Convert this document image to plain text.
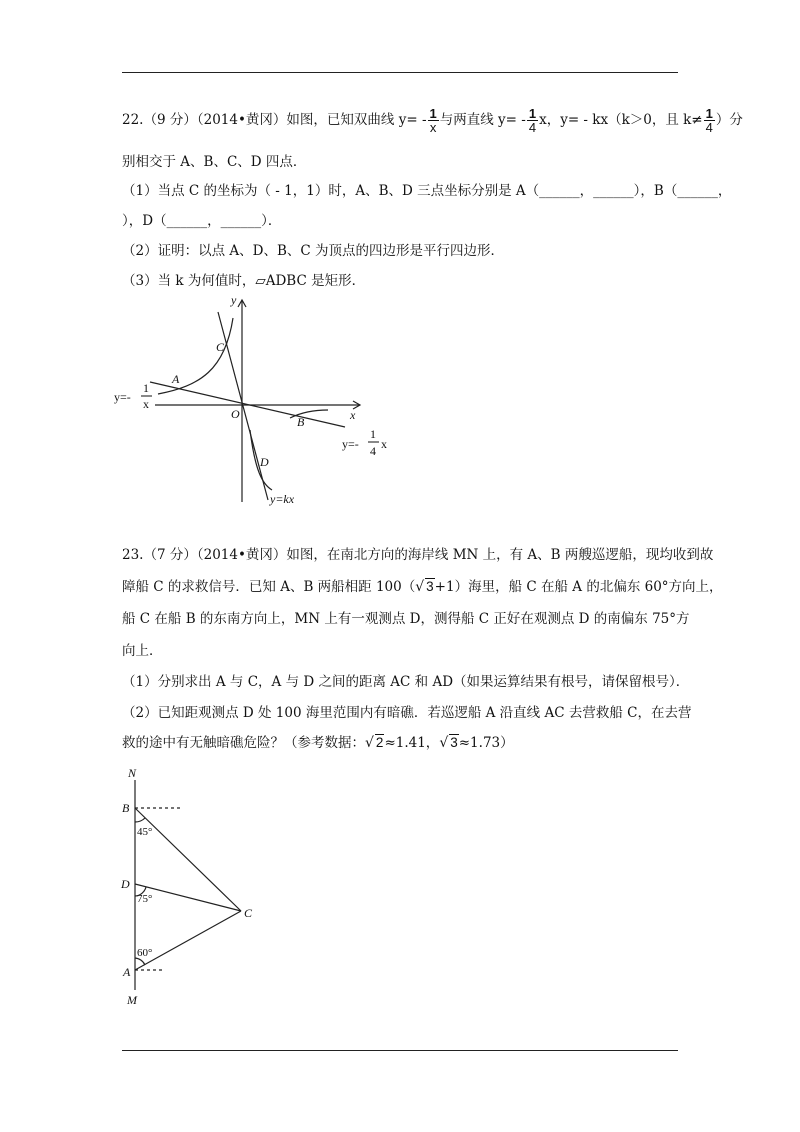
22.（9 分）（2014•黄冈）如图，已知双曲线 $y= - \frac{1}{x}$ 与两直线 $y= - \frac{1}{4}$ x，y= - kx（k＞0，且 $k\ne \frac{1}{4}$ ）分
别相交于 A、B、C、D 四点．
（1）当点 C 的坐标为（ - 1，1）时，A、B、D 三点坐标分别是 A（______，______），B（______，
），D（______，______）．
（2）证明：以点 A、D、B、C 为顶点的四边形是平行四边形．
（3）当 k 为何值时，▱ADBC 是矩形．
y
x
O
C
A
B
D
y=kx
y=-
1
x
y=-
1
4 x
23.（7 分）（2014•黄冈）如图，在南北方向的海岸线 MN 上，有 A、B 两艘巡逻船，现均收到故
障船 C 的求救信号．已知 A、B 两船相距 100（√ 3+1）海里，船 C 在船 A 的北偏东 60°方向上，
船 C 在船 B 的东南方向上，MN 上有一观测点 D，测得船 C 正好在观测点 D 的南偏东 75°方
向上．
（1）分别求出 A 与 C，A 与 D 之间的距离 AC 和 AD（如果运算结果有根号，请保留根号）．
（2）已知距观测点 D 处 100 海里范围内有暗礁．若巡逻船 A 沿直线 AC 去营救船 C，在去营
救的途中有无触暗礁危险？（参考数据：√ 2≈1.41，√ 3≈1.73）
N
B
D
A
M
C
45°
75°
60°
